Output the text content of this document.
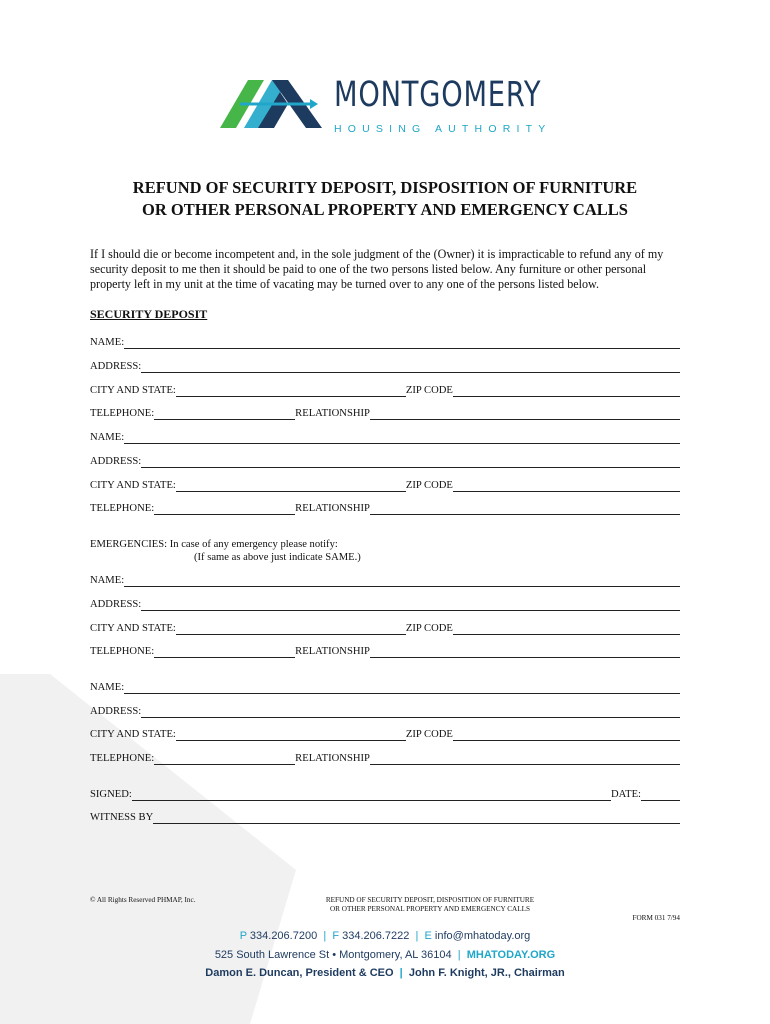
MONTGOMERY
HOUSING AUTHORITY
REFUND OF SECURITY DEPOSIT, DISPOSITION OF FURNITURE
OR OTHER PERSONAL PROPERTY AND EMERGENCY CALLS
If I should die or become incompetent and, in the sole judgment of the (Owner) it is impracticable to refund any of my security deposit to me then it should be paid to one of the two persons listed below. Any furniture or other personal property left in my unit at the time of vacating may be turned over to any one of the persons listed below.
SECURITY DEPOSIT
NAME:
ADDRESS:
CITY AND STATE:	ZIP CODE
TELEPHONE:	RELATIONSHIP
NAME:
ADDRESS:
CITY AND STATE:	ZIP CODE
TELEPHONE:	RELATIONSHIP
EMERGENCIES: In case of any emergency please notify:
(If same as above just indicate SAME.)
NAME:
ADDRESS:
CITY AND STATE:	ZIP CODE
TELEPHONE:	RELATIONSHIP
NAME:
ADDRESS:
CITY AND STATE:	ZIP CODE
TELEPHONE:	RELATIONSHIP
SIGNED:	DATE:
WITNESS BY
© All Rights Reserved PHMAP, Inc.	REFUND OF SECURITY DEPOSIT, DISPOSITION OF FURNITURE
OR OTHER PERSONAL PROPERTY AND EMERGENCY CALLS
FORM 031 7/94
P 334.206.7200 | F 334.206.7222 | E info@mhatoday.org
525 South Lawrence St • Montgomery, AL 36104 | MHATODAY.ORG
Damon E. Duncan, President & CEO | John F. Knight, JR., Chairman
